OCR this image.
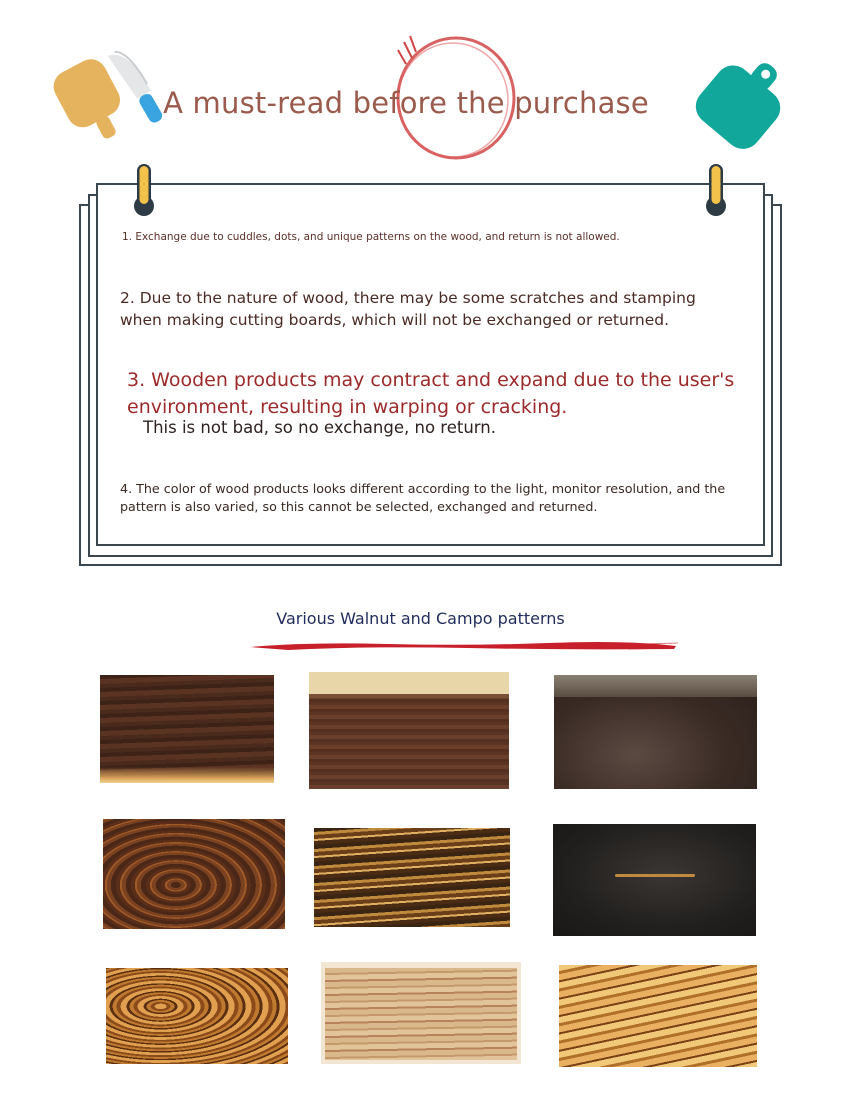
A must-read before the purchase

1. Exchange due to cuddles, dots, and unique patterns on the wood, and return is not allowed.

2. Due to the nature of wood, there may be some scratches and stamping when making cutting boards, which will not be exchanged or returned.

3. Wooden products may contract and expand due to the user's environment, resulting in warping or cracking.

This is not bad, so no exchange, no return.

4. The color of wood products looks different according to the light, monitor resolution, and the pattern is also varied, so this cannot be selected, exchanged and returned.

Various Walnut and Campo patterns
